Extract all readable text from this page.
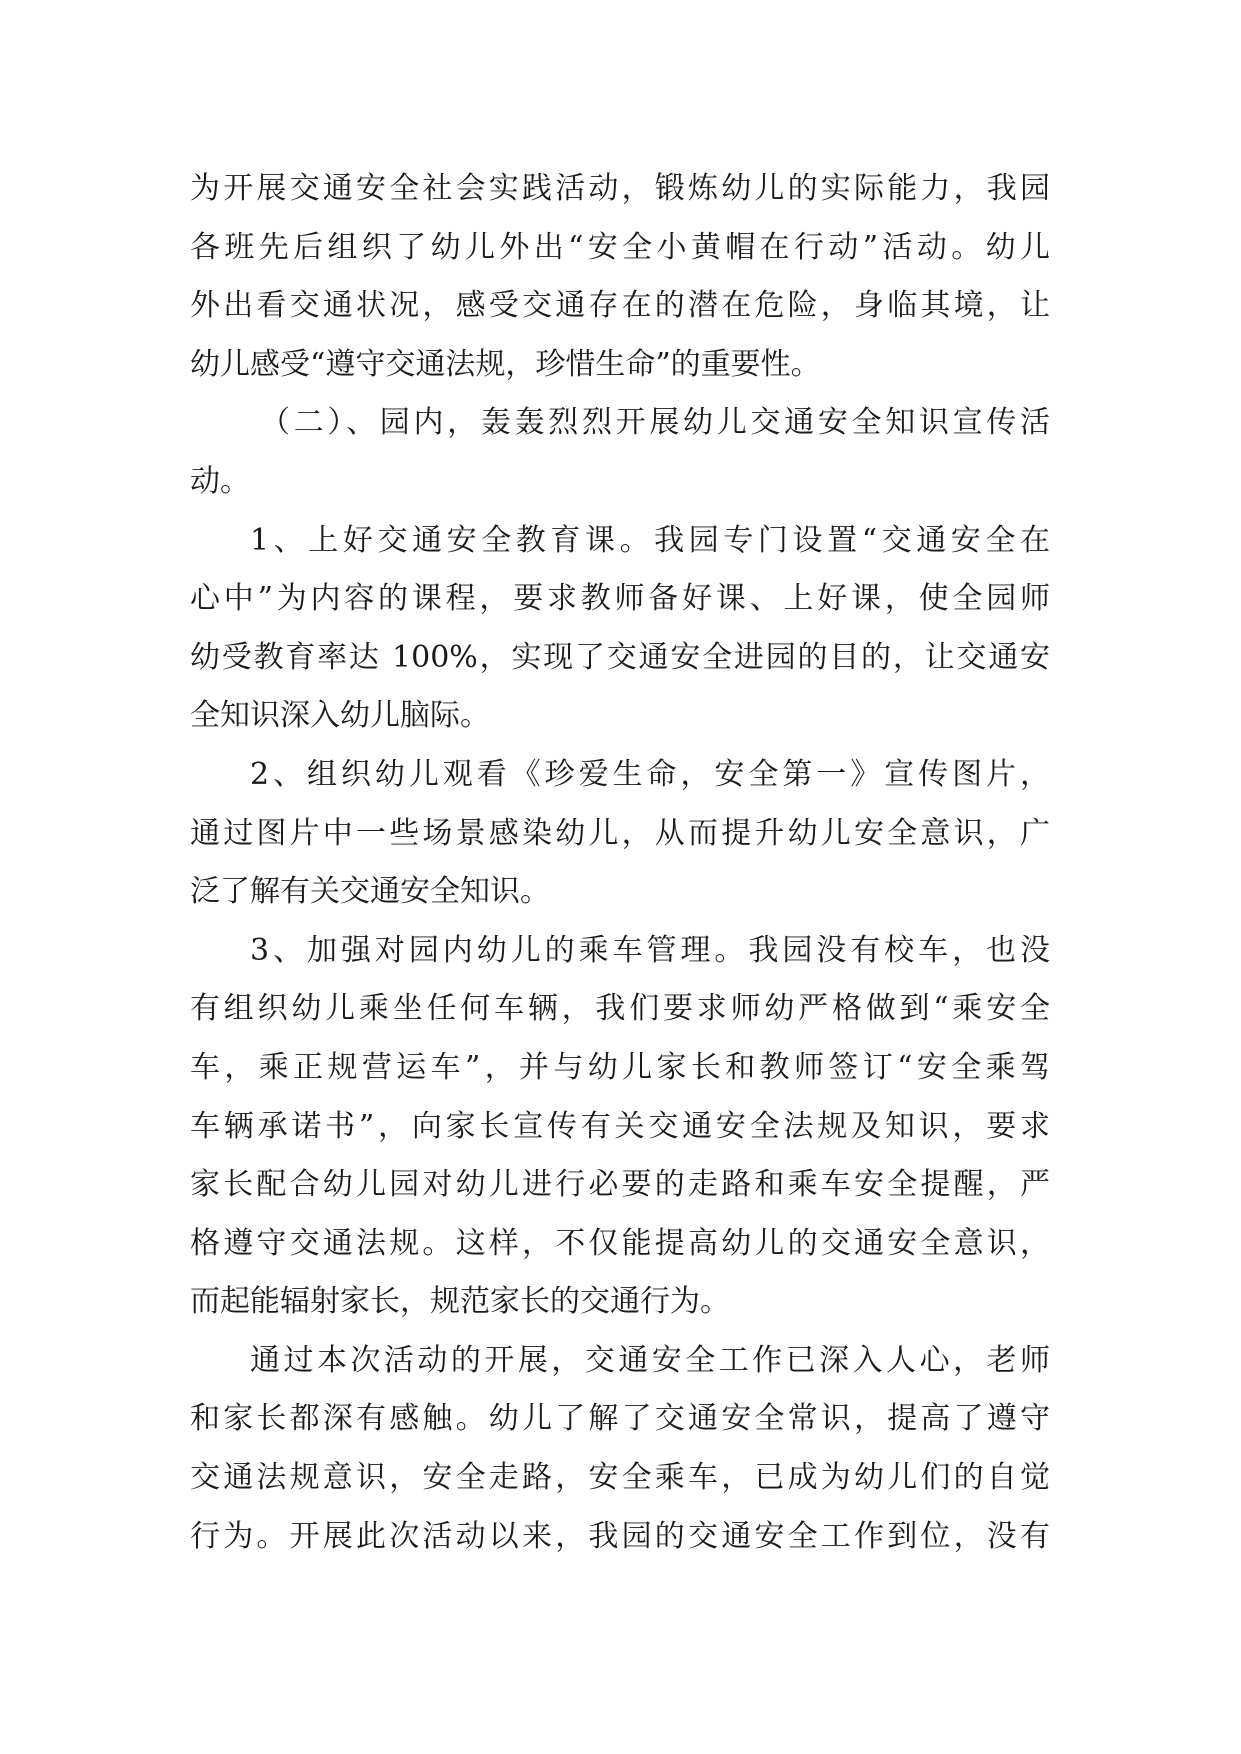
为开展交通安全社会实践活动，锻炼幼儿的实际能力，我园
各班先后组织了幼儿外出“安全小黄帽在行动”活动。幼儿
外出看交通状况，感受交通存在的潜在危险，身临其境，让
幼儿感受“遵守交通法规，珍惜生命”的重要性。
（二）、园内，轰轰烈烈开展幼儿交通安全知识宣传活
动。
1、上好交通安全教育课。我园专门设置“交通安全在
心中”为内容的课程，要求教师备好课、上好课，使全园师
幼受教育率达 100%，实现了交通安全进园的目的，让交通安
全知识深入幼儿脑际。
2、组织幼儿观看《珍爱生命，安全第一》宣传图片，
通过图片中一些场景感染幼儿，从而提升幼儿安全意识，广
泛了解有关交通安全知识。
3、加强对园内幼儿的乘车管理。我园没有校车，也没
有组织幼儿乘坐任何车辆，我们要求师幼严格做到“乘安全
车，乘正规营运车”，并与幼儿家长和教师签订“安全乘驾
车辆承诺书”，向家长宣传有关交通安全法规及知识，要求
家长配合幼儿园对幼儿进行必要的走路和乘车安全提醒，严
格遵守交通法规。这样，不仅能提高幼儿的交通安全意识，
而起能辐射家长，规范家长的交通行为。
通过本次活动的开展，交通安全工作已深入人心，老师
和家长都深有感触。幼儿了解了交通安全常识，提高了遵守
交通法规意识，安全走路，安全乘车，已成为幼儿们的自觉
行为。开展此次活动以来，我园的交通安全工作到位，没有
